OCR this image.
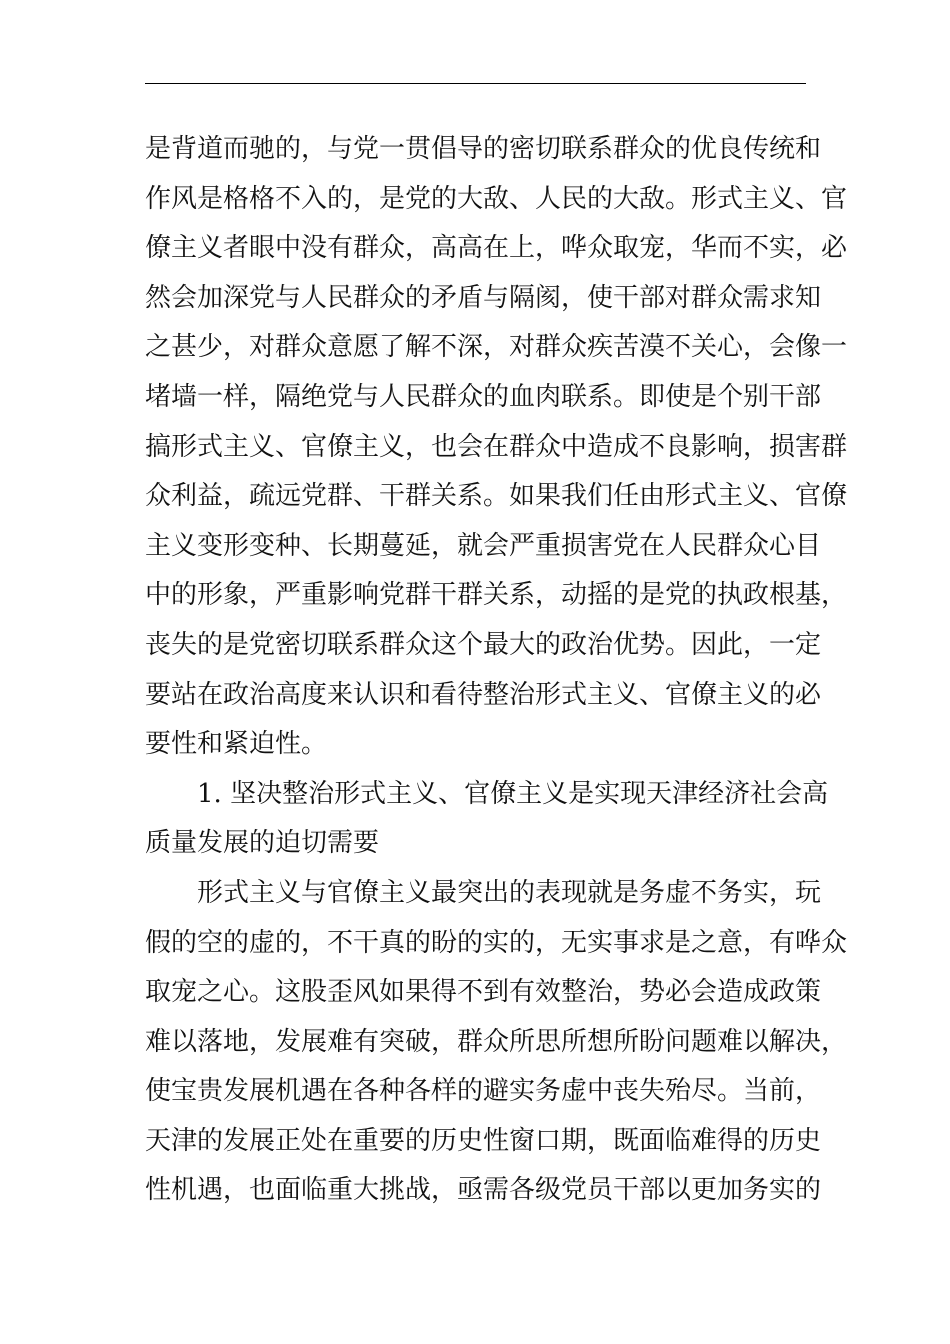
是背道而驰的，与党一贯倡导的密切联系群众的优良传统和
作风是格格不入的，是党的大敌、人民的大敌。形式主义、官
僚主义者眼中没有群众，高高在上，哗众取宠，华而不实，必
然会加深党与人民群众的矛盾与隔阂，使干部对群众需求知
之甚少，对群众意愿了解不深，对群众疾苦漠不关心，会像一
堵墙一样，隔绝党与人民群众的血肉联系。即使是个别干部
搞形式主义、官僚主义，也会在群众中造成不良影响，损害群
众利益，疏远党群、干群关系。如果我们任由形式主义、官僚
主义变形变种、长期蔓延，就会严重损害党在人民群众心目
中的形象，严重影响党群干群关系，动摇的是党的执政根基，
丧失的是党密切联系群众这个最大的政治优势。因此，一定
要站在政治高度来认识和看待整治形式主义、官僚主义的必
要性和紧迫性。
1. 坚决整治形式主义、官僚主义是实现天津经济社会高
质量发展的迫切需要
形式主义与官僚主义最突出的表现就是务虚不务实，玩
假的空的虚的，不干真的盼的实的，无实事求是之意，有哗众
取宠之心。这股歪风如果得不到有效整治，势必会造成政策
难以落地，发展难有突破，群众所思所想所盼问题难以解决，
使宝贵发展机遇在各种各样的避实务虚中丧失殆尽。当前，
天津的发展正处在重要的历史性窗口期，既面临难得的历史
性机遇，也面临重大挑战，亟需各级党员干部以更加务实的
